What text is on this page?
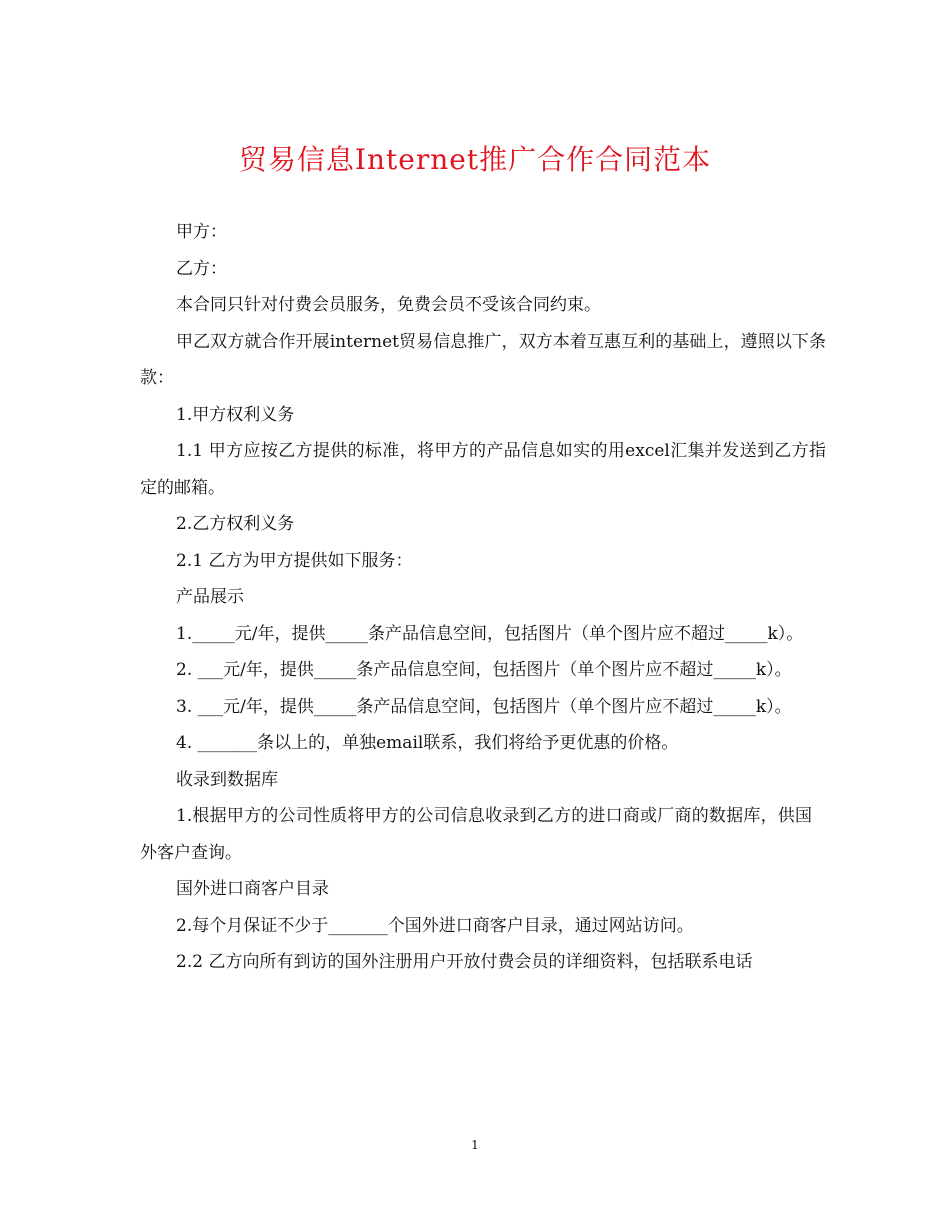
贸易信息Internet推广合作合同范本

甲方：

乙方：

本合同只针对付费会员服务，免费会员不受该合同约束。

甲乙双方就合作开展internet贸易信息推广，双方本着互惠互利的基础上，遵照以下条款：

1.甲方权利义务

1.1 甲方应按乙方提供的标准，将甲方的产品信息如实的用excel汇集并发送到乙方指定的邮箱。

2.乙方权利义务

2.1 乙方为甲方提供如下服务：

产品展示

1._____元/年，提供_____条产品信息空间，包括图片（单个图片应不超过_____k）。

2. ___元/年，提供_____条产品信息空间，包括图片（单个图片应不超过_____k）。

3. ___元/年，提供_____条产品信息空间，包括图片（单个图片应不超过_____k）。

4. _______条以上的，单独email联系，我们将给予更优惠的价格。

收录到数据库

1.根据甲方的公司性质将甲方的公司信息收录到乙方的进口商或厂商的数据库，供国外客户查询。

国外进口商客户目录

2.每个月保证不少于_______个国外进口商客户目录，通过网站访问。

2.2 乙方向所有到访的国外注册用户开放付费会员的详细资料，包括联系电话

1
